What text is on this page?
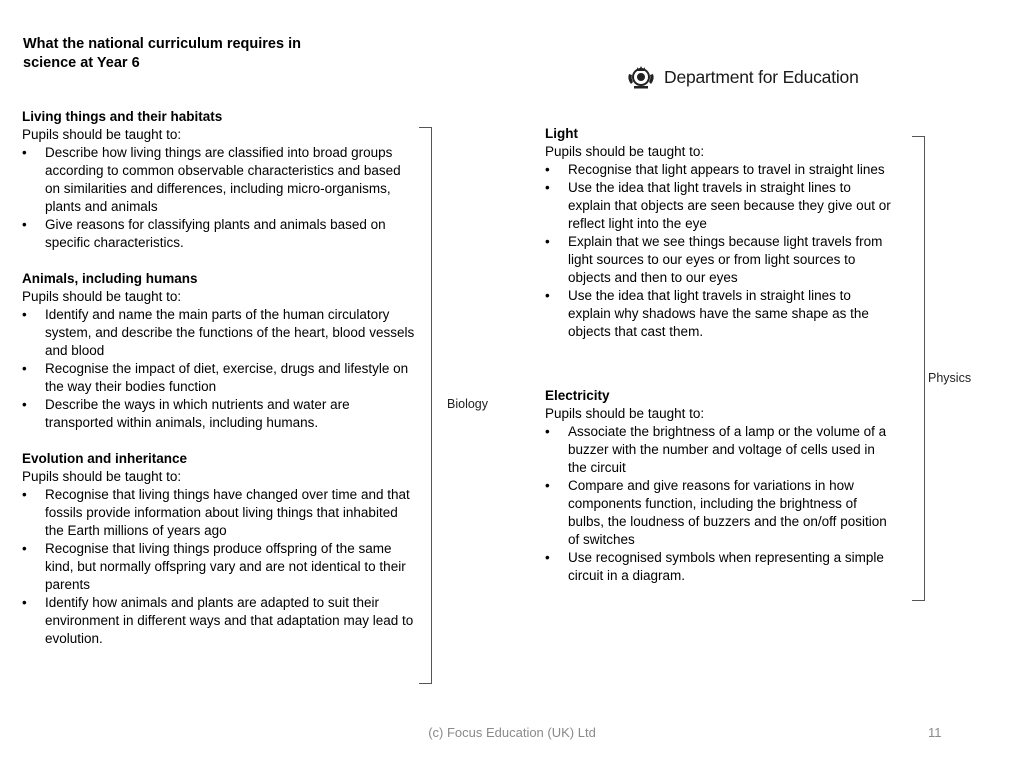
What the national curriculum requires in science at Year 6
Department for Education
Living things and their habitats

Pupils should be taught to:

• Describe how living things are classified into broad groups according to common observable characteristics and based on similarities and differences, including micro-organisms, plants and animals
• Give reasons for classifying plants and animals based on specific characteristics.
Animals, including humans

Pupils should be taught to:

• Identify and name the main parts of the human circulatory system, and describe the functions of the heart, blood vessels and blood
• Recognise the impact of diet, exercise, drugs and lifestyle on the way their bodies function
• Describe the ways in which nutrients and water are transported within animals, including humans.
Evolution and inheritance

Pupils should be taught to:

• Recognise that living things have changed over time and that fossils provide information about living things that inhabited the Earth millions of years ago
• Recognise that living things produce offspring of the same kind, but normally offspring vary and are not identical to their parents
• Identify how animals and plants are adapted to suit their environment in different ways and that adaptation may lead to evolution.
Biology
Light

Pupils should be taught to:

• Recognise that light appears to travel in straight lines
• Use the idea that light travels in straight lines to explain that objects are seen because they give out or reflect light into the eye
• Explain that we see things because light travels from light sources to our eyes or from light sources to objects and then to our eyes
• Use the idea that light travels in straight lines to explain why shadows have the same shape as the objects that cast them.
Electricity

Pupils should be taught to:

• Associate the brightness of a lamp or the volume of a buzzer with the number and voltage of cells used in the circuit
• Compare and give reasons for variations in how components function, including the brightness of bulbs, the loudness of buzzers and the on/off position of switches
• Use recognised symbols when representing a simple circuit in a diagram.
Physics
(c) Focus Education (UK) Ltd	11
